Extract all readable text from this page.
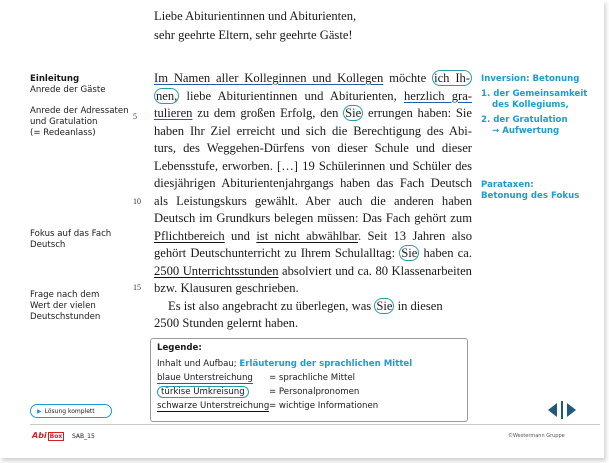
Liebe Abiturientinnen und Abiturienten,
sehr geehrte Eltern, sehr geehrte Gäste!
Einleitung
Anrede der Gäste
Anrede der Adressaten
und Gratulation
(= Redeanlass)
Fokus auf das Fach
Deutsch
Frage nach dem
Wert der vielen
Deutschstunden
5
10
15
Im Namen aller Kolleginnen und Kollegen möchte ich Ih-
nen, liebe Abiturientinnen und Abiturienten, herzlich gra-
tulieren zu dem großen Erfolg, den Sie errungen haben: Sie
haben Ihr Ziel erreicht und sich die Berechtigung des Abi-
turs, des Weggehen-Dürfens von dieser Schule und dieser
Lebensstufe, erworben. […] 19 Schülerinnen und Schüler des
diesjährigen Abiturientenjahrgangs haben das Fach Deutsch
als Leistungskurs gewählt. Aber auch die anderen haben
Deutsch im Grundkurs belegen müssen: Das Fach gehört zum
Pflichtbereich und ist nicht abwählbar. Seit 13 Jahren also
gehört Deutschunterricht zu Ihrem Schulalltag: Sie haben ca.
2500 Unterrichtsstunden absolviert und ca. 80 Klassenarbeiten
bzw. Klausuren geschrieben.
Es ist also angebracht zu überlegen, was Sie in diesen
2500 Stunden gelernt haben.
Inversion: Betonung
1. der Gemeinsamkeit
des Kollegiums,
2. der Gratulation
→ Aufwertung
Parataxen:
Betonung des Fokus
Legende:
Inhalt und Aufbau; Erläuterung der sprachlichen Mittel
blaue Unterstreichung = sprachliche Mittel
türkise Umkreisung	= Personalpronomen
schwarze Unterstreichung= wichtige Informationen
▶ Lösung komplett
Abi Box	SAB_15	©Westermann Gruppe
